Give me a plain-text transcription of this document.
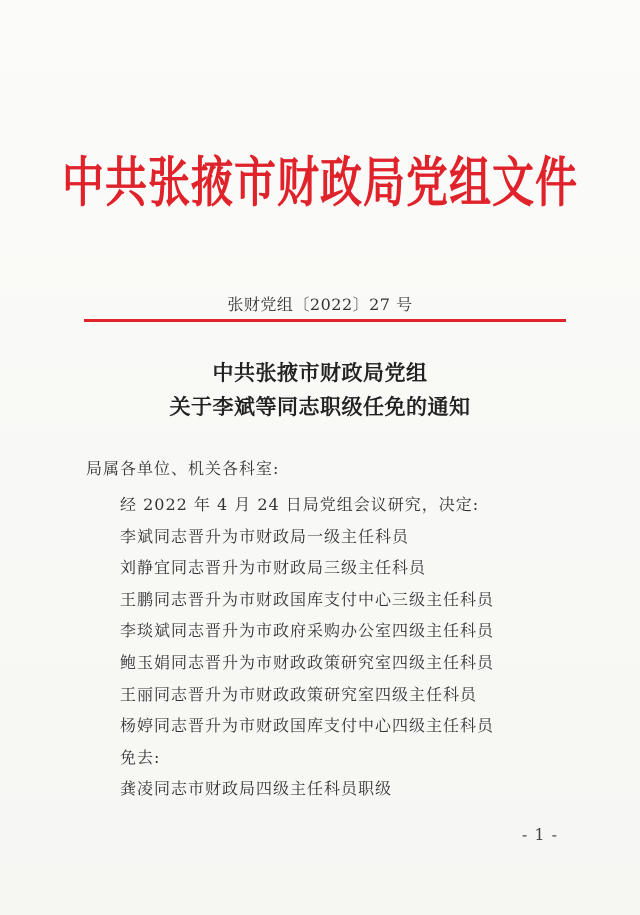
中共张掖市财政局党组文件
张财党组〔2022〕27 号
中共张掖市财政局党组
关于李斌等同志职级任免的通知
局属各单位、机关各科室:
经 2022 年 4 月 24 日局党组会议研究，决定:
李斌同志晋升为市财政局一级主任科员
刘静宜同志晋升为市财政局三级主任科员
王鹏同志晋升为市财政国库支付中心三级主任科员
李琰斌同志晋升为市政府采购办公室四级主任科员
鲍玉娟同志晋升为市财政政策研究室四级主任科员
王丽同志晋升为市财政政策研究室四级主任科员
杨婷同志晋升为市财政国库支付中心四级主任科员
免去:
龚凌同志市财政局四级主任科员职级
- 1 -
